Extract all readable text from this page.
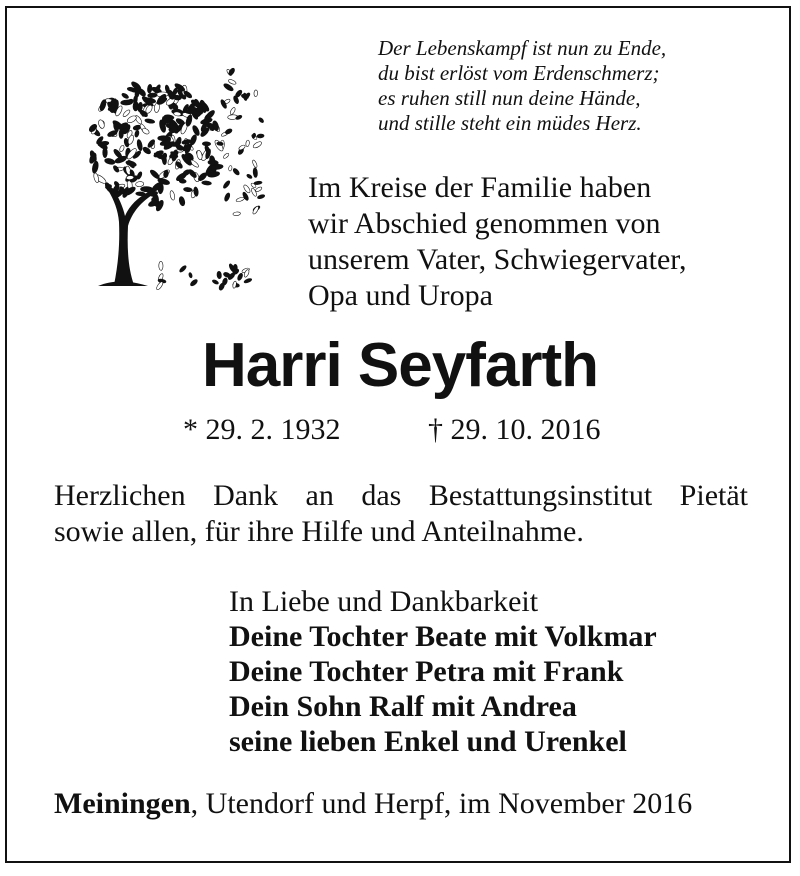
Der Lebenskampf ist nun zu Ende,
du bist erlöst vom Erdenschmerz;
es ruhen still nun deine Hände,
und stille steht ein müdes Herz.
Im Kreise der Familie haben
wir Abschied genommen von
unserem Vater, Schwiegervater,
Opa und Uropa
Harri Seyfarth
* 29. 2. 1932	† 29. 10. 2016
Herzlichen Dank an das Bestattungsinstitut Pietät
sowie allen, für ihre Hilfe und Anteilnahme.
In Liebe und Dankbarkeit
Deine Tochter Beate mit Volkmar
Deine Tochter Petra mit Frank
Dein Sohn Ralf mit Andrea
seine lieben Enkel und Urenkel
Meiningen, Utendorf und Herpf, im November 2016
